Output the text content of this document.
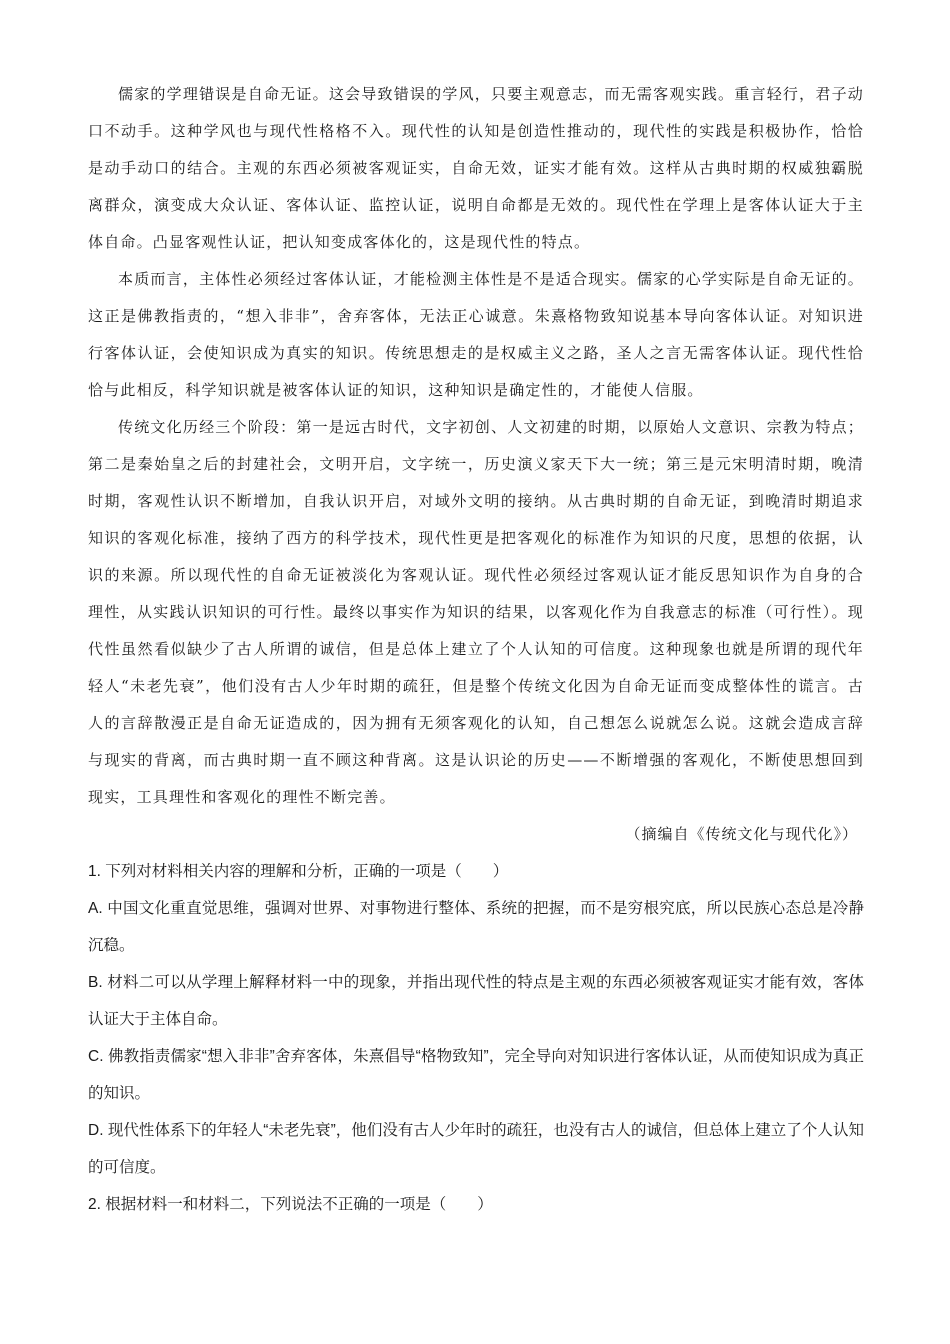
儒家的学理错误是自命无证。这会导致错误的学风，只要主观意志，而无需客观实践。重言轻行，君子动口不动手。这种学风也与现代性格格不入。现代性的认知是创造性推动的，现代性的实践是积极协作，恰恰是动手动口的结合。主观的东西必须被客观证实，自命无效，证实才能有效。这样从古典时期的权威独霸脱离群众，演变成大众认证、客体认证、监控认证，说明自命都是无效的。现代性在学理上是客体认证大于主体自命。凸显客观性认证，把认知变成客体化的，这是现代性的特点。

本质而言，主体性必须经过客体认证，才能检测主体性是不是适合现实。儒家的心学实际是自命无证的。这正是佛教指责的，“想入非非”，舍弃客体，无法正心诚意。朱熹格物致知说基本导向客体认证。对知识进行客体认证，会使知识成为真实的知识。传统思想走的是权威主义之路，圣人之言无需客体认证。现代性恰恰与此相反，科学知识就是被客体认证的知识，这种知识是确定性的，才能使人信服。

传统文化历经三个阶段：第一是远古时代，文字初创、人文初建的时期，以原始人文意识、宗教为特点；第二是秦始皇之后的封建社会，文明开启，文字统一，历史演义家天下大一统；第三是元宋明清时期，晚清时期，客观性认识不断增加，自我认识开启，对域外文明的接纳。从古典时期的自命无证，到晚清时期追求知识的客观化标准，接纳了西方的科学技术，现代性更是把客观化的标准作为知识的尺度，思想的依据，认识的来源。所以现代性的自命无证被淡化为客观认证。现代性必须经过客观认证才能反思知识作为自身的合理性，从实践认识知识的可行性。最终以事实作为知识的结果，以客观化作为自我意志的标准（可行性）。现代性虽然看似缺少了古人所谓的诚信，但是总体上建立了个人认知的可信度。这种现象也就是所谓的现代年轻人“未老先衰”，他们没有古人少年时期的疏狂，但是整个传统文化因为自命无证而变成整体性的谎言。古人的言辞散漫正是自命无证造成的，因为拥有无须客观化的认知，自己想怎么说就怎么说。这就会造成言辞与现实的背离，而古典时期一直不顾这种背离。这是认识论的历史——不断增强的客观化，不断使思想回到现实，工具理性和客观化的理性不断完善。

（摘编自《传统文化与现代化》）

1. 下列对材料相关内容的理解和分析，正确的一项是（　　）

A. 中国文化重直觉思维，强调对世界、对事物进行整体、系统的把握，而不是穷根究底，所以民族心态总是冷静沉稳。

B. 材料二可以从学理上解释材料一中的现象，并指出现代性的特点是主观的东西必须被客观证实才能有效，客体认证大于主体自命。

C. 佛教指责儒家“想入非非”舍弃客体，朱熹倡导“格物致知”，完全导向对知识进行客体认证，从而使知识成为真正的知识。

D. 现代性体系下的年轻人“未老先衰”，他们没有古人少年时的疏狂，也没有古人的诚信，但总体上建立了个人认知的可信度。

2. 根据材料一和材料二，下列说法不正确的一项是（　　）
